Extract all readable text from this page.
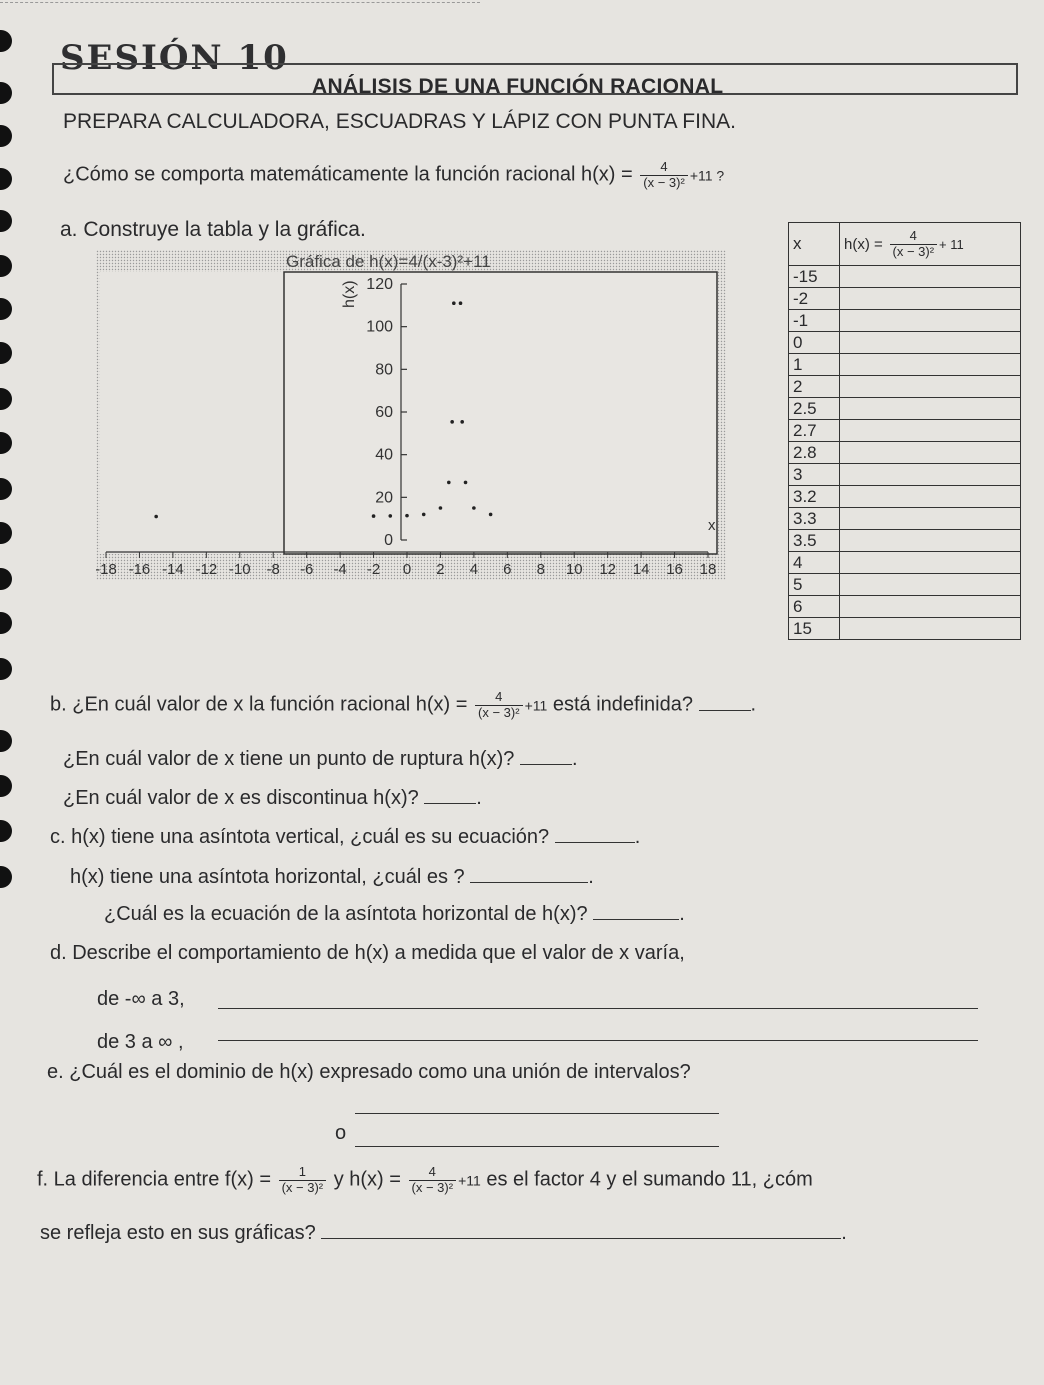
SESIÓN 10
ANÁLISIS DE UNA FUNCIÓN RACIONAL
PREPARA CALCULADORA, ESCUADRAS Y LÁPIZ CON PUNTA FINA.
¿Cómo se comporta matemáticamente la función racional $h(x) = \frac{4}{\text{(x − 3)²}} +11$ ?
a. Construye la tabla y la gráfica.
Gráfica de h(x)=4/(x-3)²+11
h(x)
x
0
20
40
60
80
100
120
-18 -16 -14 -12 -10 -8 -6 -4 -2 0 2 4 6 8 10 12 14 16 18
x	$h(x) = \frac{4}{\text{(x − 3)²}} + 11$
-15	
-2	
-1	
0	
1	
2	
2.5	
2.7	
2.8	
3	
3.2	
3.3	
3.5	
4	
5	
6	
15	
b. ¿En cuál valor de x la función racional $h(x) = \frac{4}{\text{(x − 3)²}} +11$ está indefinida?	.
¿En cuál valor de x tiene un punto de ruptura h(x)?	.
¿En cuál valor de x es discontinua h(x)?	.
c. h(x) tiene una asíntota vertical, ¿cuál es su ecuación?	.
h(x) tiene una asíntota horizontal, ¿cuál es ?	.
¿Cuál es la ecuación de la asíntota horizontal de h(x)?	.
d. Describe el comportamiento de h(x) a medida que el valor de x varía,
de -∞ a 3,
de 3 a ∞ ,
e. ¿Cuál es el dominio de h(x) expresado como una unión de intervalos?
o
f. La diferencia entre $f(x) = \frac{1}{\text{(x − 3)²}}$ y $h(x) = \frac{4}{\text{(x − 3)²}} +11$ es el factor 4 y el sumando 11, ¿cóm
se refleja esto en sus gráficas?	.
